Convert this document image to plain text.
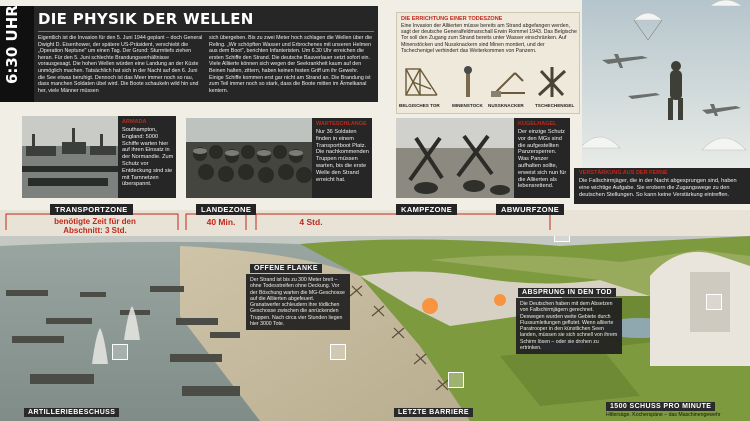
6:30 UHR DIE PHYSIK DER WELLEN
Eigentlich ist die Invasion für den 5. Juni 1944 geplant – doch General Dwight D. Eisenhower, der spätere US-Präsident, verschiebt die „Operation Neptune" um einen Tag. Der Grund: Sturmtiefs ziehen heran. Für den 5. Juni schlechte Brandungsverhältnisse vorausgesagt. Die hohen Wellen würden eine Landung an der Küste unmöglich machen. Tatsächlich hat sich in der Nacht auf den 6. Juni die See etwas beruhigt. Dennoch ist das Meer immer noch so rau, dass manchen Soldaten übel wird. Die Boote schaukeln wild hin und her, viele Männer müssen
sich übergeben. Bis zu zwei Meter hoch schlagen die Wellen über die Reling. „Wir schöpften Wasser und Erbrochenes mit unseren Helmen aus dem Boot", berichten Infanteristen. Um 6.30 Uhr erreichen die ersten Schiffe den Strand. Die deutsche Bauverlauer setzt sofort ein. Viele Alliierte können sich wegen der Seekrankheit kaum auf den Beinen halten, zittern, haben keinen festen Griff um ihr Gewehr. Einige Schiffe kommen erst gar nicht am Strand an. Die Brandung ist zum Teil immer noch so stark, dass die Boote mitten im Ärmelkanal kentern.
DIE ERRICHTUNG EINER TODESZONE
Eine Invasion der Alliierten müsse bereits am Strand abgefangen werden, sagt der deutsche Generalfeldmarschall Erwin Rommel 1943. Das Belgische Tor soll den Zugang zum Strand bereits unter Wasser einschränken. Auf Minenstöcken und Nussknackern sind Minen montiert, und der Tschechenigel verhindert das Weiterkommen von Panzern.
BELGISCHES TOR	MINENSTOCK NUSSKNACKER TSCHECHENIGEL
ARMADA
Southampton, England: 5000 Schiffe warten hier auf ihren Einsatz in der Normandie. Zum Schutz vor Entdeckung sind sie mit Tarnnetzen überspannt.
WARTESCHLANGE
Nur 36 Soldaten finden in einem Transportboot Platz. Die nachkommenden Truppen müssen warten, bis die erste Welle den Strand erreicht hat.
KUGELHAGEL
Der einzige Schutz vor den MGs sind die aufgestellten Panzersperren. Was Panzer aufhalten sollte, erweist sich nun für die Alliierten als lebensrettend.
VERSTÄRKUNG AUS DER FERNE
Die Fallschirmjäger, die in der Nacht abgesprungen sind, haben eine wichtige Aufgabe. Sie erobern die Zugangswege zu den deutschen Stellungen. So kann keine Verstärkung eintreffen.
TRANSPORTZONE	LANDEZONE	KAMPFZONE	ABWURFZONE
benötigte Zeit für den Abschnitt: 3 Std.
40 Min.	4 Std.
OFFENE FLANKE
Der Strand ist bis zu 300 Meter breit – ohne Todesstreifen ohne Deckung. Vor der Böschung warten die MG-Geschosse auf die Alliierten abgefeuert. Granatwerfer schleudern ihre tödlichen Geschosse zwischen die anrückenden Truppen. Nach circa vier Stunden liegen hier 3000 Tote.
ABSPRUNG IN DEN TOD
Die Deutschen haben mit dem Absetzen von Fallschirmjägern gerechnet. Deswegen wurden weite Gebiete durch Flussumleitungen geflutet. Wenn alliierte Paratrooper in den künstlichen Seen landen, müssen sie sich schnell von ihrem Schirm lösen – oder sie drohen zu ertrinken.
ARTILLERIEBESCHUSS	LETZTE BARRIERE
1500 SCHUSS PRO MINUTE
Hitlersäge. Kocherspäne – das Maschinengewehr
